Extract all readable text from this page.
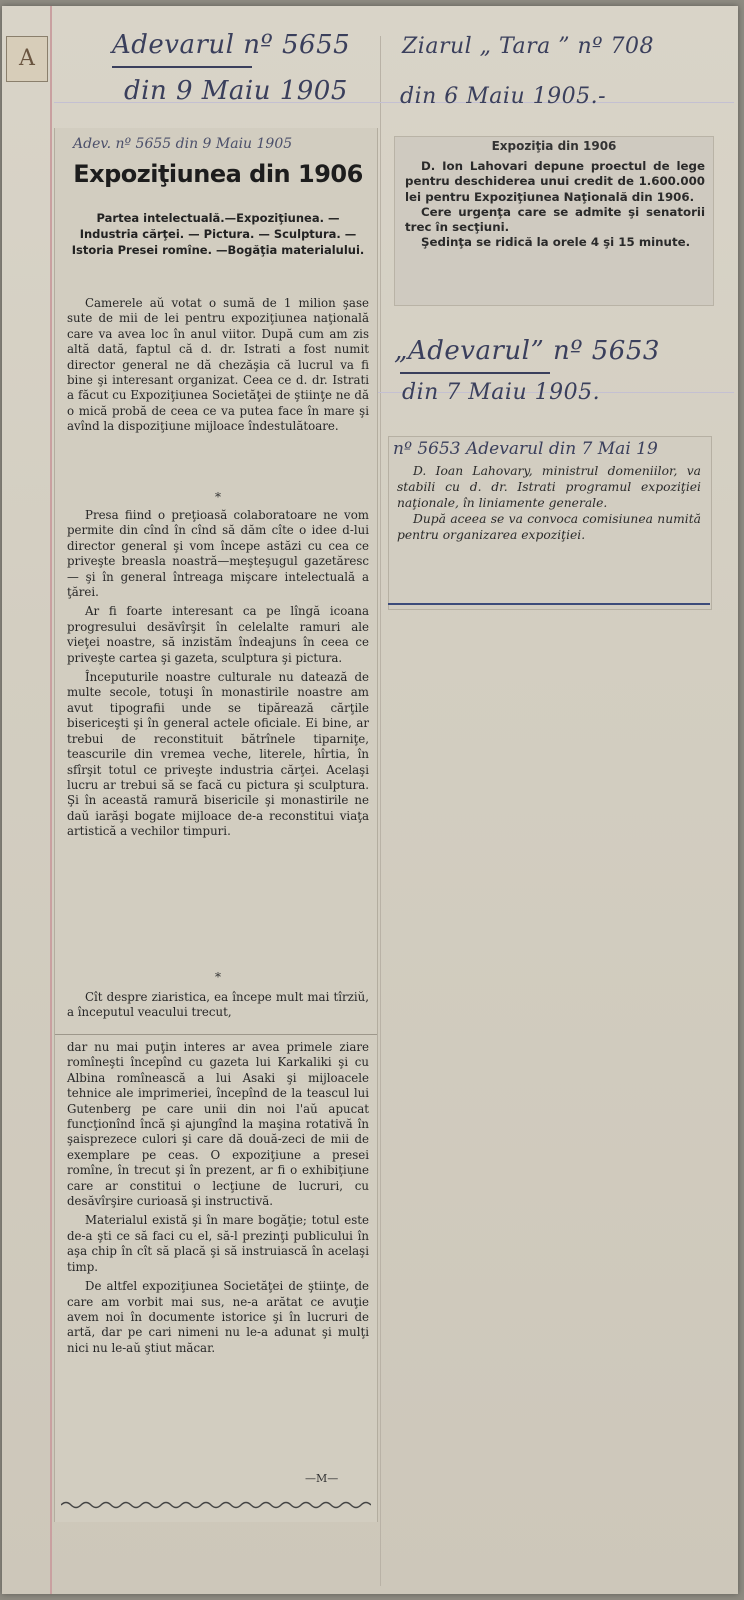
A	Adevarul nº 5655
din 9 Maiu 1905
Ziarul „ Tara ” nº 708
din 6 Maiu 1905.-
Adev. nº 5655 din 9 Maiu 1905
Expoziţiunea din 1906
Partea intelectuală.—Expoziţiunea. — Industria cărţei. — Pictura. — Sculptura. —Istoria Presei romîne. —Bogăţia materialului.

Camerele aŭ votat o sumă de 1 milion şase sute de mii de lei pentru expoziţiunea naţională care va avea loc în anul viitor. După cum am zis altă dată, faptul că d. dr. Istrati a fost numit director general ne dă chezăşia că lucrul va fi bine şi interesant organizat. Ceea ce d. dr. Istrati a făcut cu Expoziţiunea Societăţei de ştiinţe ne dă o mică probă de ceea ce va putea face în mare şi avînd la dispoziţiune mijloace îndestulătoare.

*

Presa fiind o preţioasă colaboratoare ne vom permite din cînd în cînd să dăm cîte o idee d-lui director general şi vom începe astăzi cu cea ce priveşte breasla noastră—meşteşugul gazetăresc — şi în general întreaga mişcare intelectuală a ţărei.

Ar fi foarte interesant ca pe lîngă icoana progresului desăvîrşit în celelalte ramuri ale vieţei noastre, să inzistăm îndeajuns în ceea ce priveşte cartea şi gazeta, sculptura şi pictura.

Începuturile noastre culturale nu datează de multe secole, totuşi în monastirile noastre am avut tipografii unde se tipărează cărţile bisericeşti şi în general actele oficiale. Ei bine, ar trebui de reconstituit bătrînele tiparniţe, teascurile din vremea veche, literele, hîrtia, în sfîrşit totul ce priveşte industria cărţei. Acelaşi lucru ar trebui să se facă cu pictura şi sculptura. Şi în această ramură bisericile şi monastirile ne daŭ iarăşi bogate mijloace de-a reconstitui viaţa artistică a vechilor timpuri.

*

Cît despre ziaristica, ea începe mult mai tîrziŭ, a începutul veacului trecut,

dar nu mai puţin interes ar avea primele ziare romîneşti începînd cu gazeta lui Karkaliki şi cu Albina romînească a lui Asaki şi mijloacele tehnice ale imprimeriei, începînd de la teascul lui Gutenberg pe care unii din noi l'aŭ apucat funcţionînd încă şi ajungînd la maşina rotativă în şaisprezece culori şi care dă două-zeci de mii de exemplare pe ceas. O expoziţiune a presei romîne, în trecut şi în prezent, ar fi o exhibiţiune care ar constitui o lecţiune de lucruri, cu desăvîrşire curioasă şi instructivă.

Materialul există şi în mare bogăţie; totul este de-a şti ce să faci cu el, să-l prezinţi publicului în aşa chip în cît să placă şi să instruiască în acelaşi timp.

De altfel expoziţiunea Societăţei de ştiinţe, de care am vorbit mai sus, ne-a arătat ce avuţie avem noi în documente istorice şi în lucruri de artă, dar pe cari nimeni nu le-a adunat şi mulţi nici nu le-aŭ ştiut măcar.

—M—
Expoziţia din 1906

D. Ion Lahovari depune proectul de lege pentru deschiderea unui credit de 1.600.000 lei pentru Expoziţiunea Naţională din 1906.

Cere urgenţa care se admite şi senatorii trec în secţiuni.

Şedinţa se ridică la orele 4 şi 15 minute.

„Adevarul” nº 5653
din 7 Maiu 1905.
nº 5653 Adevarul din 7 Mai 19

D. Ioan Lahovary, ministrul domeniilor, va stabili cu d. dr. Istrati programul expoziţiei naţionale, în liniamente generale.

După aceea se va convoca comisiunea numită pentru organizarea expoziţiei.
